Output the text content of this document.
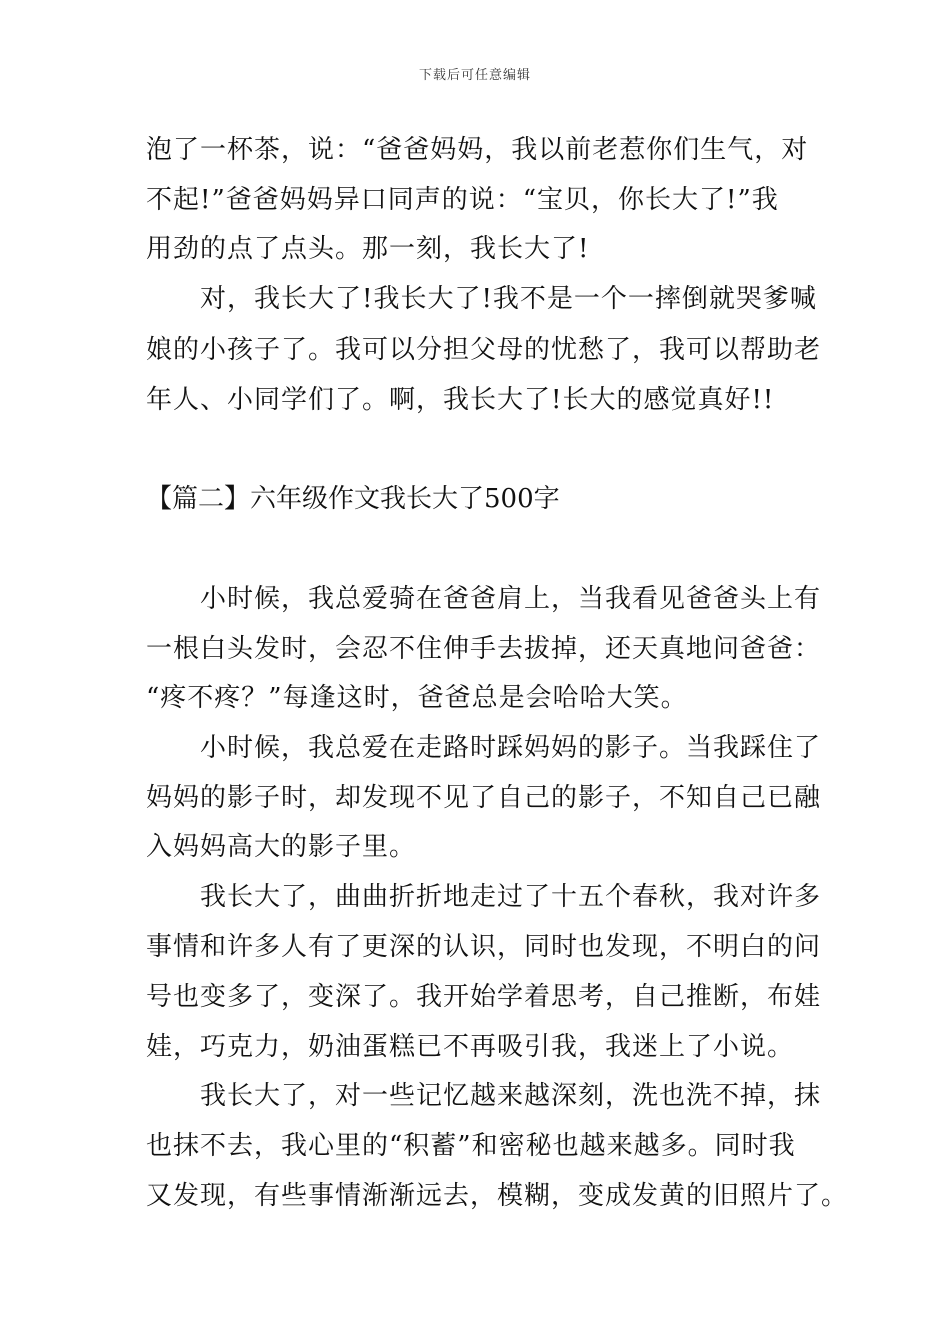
下载后可任意编辑
泡了一杯茶，说：“爸爸妈妈，我以前老惹你们生气，对
不起!”爸爸妈妈异口同声的说：“宝贝，你长大了!”我
用劲的点了点头。那一刻，我长大了!
　　对，我长大了!我长大了!我不是一个一摔倒就哭爹喊
娘的小孩子了。我可以分担父母的忧愁了，我可以帮助老
年人、小同学们了。啊，我长大了!长大的感觉真好!!
【篇二】六年级作文我长大了500字
　　小时候，我总爱骑在爸爸肩上，当我看见爸爸头上有
一根白头发时，会忍不住伸手去拔掉，还天真地问爸爸：
“疼不疼？”每逢这时，爸爸总是会哈哈大笑。
　　小时候，我总爱在走路时踩妈妈的影子。当我踩住了
妈妈的影子时，却发现不见了自己的影子，不知自己已融
入妈妈高大的影子里。
　　我长大了，曲曲折折地走过了十五个春秋，我对许多
事情和许多人有了更深的认识，同时也发现，不明白的问
号也变多了，变深了。我开始学着思考，自己推断，布娃
娃，巧克力，奶油蛋糕已不再吸引我，我迷上了小说。
　　我长大了，对一些记忆越来越深刻，洗也洗不掉，抹
也抹不去，我心里的“积蓄”和密秘也越来越多。同时我
又发现，有些事情渐渐远去，模糊，变成发黄的旧照片了。
